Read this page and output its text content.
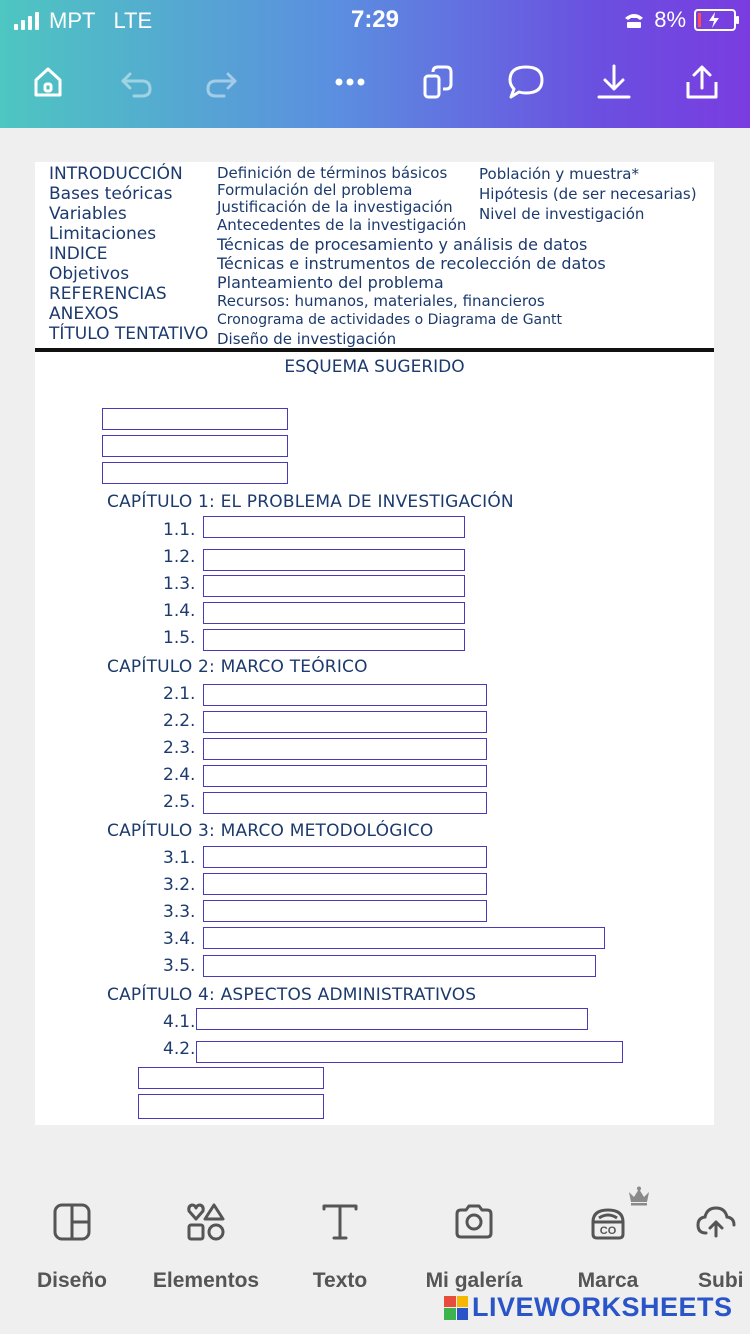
MPT LTE	7:29	8%
INTRODUCCIÓN
Bases teóricas
Variables
Limitaciones
INDICE
Objetivos
REFERENCIAS
ANEXOS
TÍTULO TENTATIVO
Definición de términos básicos
Formulación del problema
Justificación de la investigación
Antecedentes de la investigación
Técnicas de procesamiento y análisis de datos
Técnicas e instrumentos de recolección de datos
Planteamiento del problema
Recursos: humanos, materiales, financieros
Cronograma de actividades o Diagrama de Gantt
Diseño de investigación
Población y muestra*
Hipótesis (de ser necesarias)
Nivel de investigación
ESQUEMA SUGERIDO
CAPÍTULO 1: EL PROBLEMA DE INVESTIGACIÓN
1.1.
1.2.
1.3.
1.4.
1.5.
CAPÍTULO 2: MARCO TEÓRICO
2.1.
2.2.
2.3.
2.4.
2.5.
CAPÍTULO 3: MARCO METODOLÓGICO
3.1.
3.2.
3.3.
3.4.
3.5.
CAPÍTULO 4: ASPECTOS ADMINISTRATIVOS
4.1.
4.2.
Diseño	Elementos	Texto	Mi galería
CO
Marca	Subi
LIVEWORKSHEETS
